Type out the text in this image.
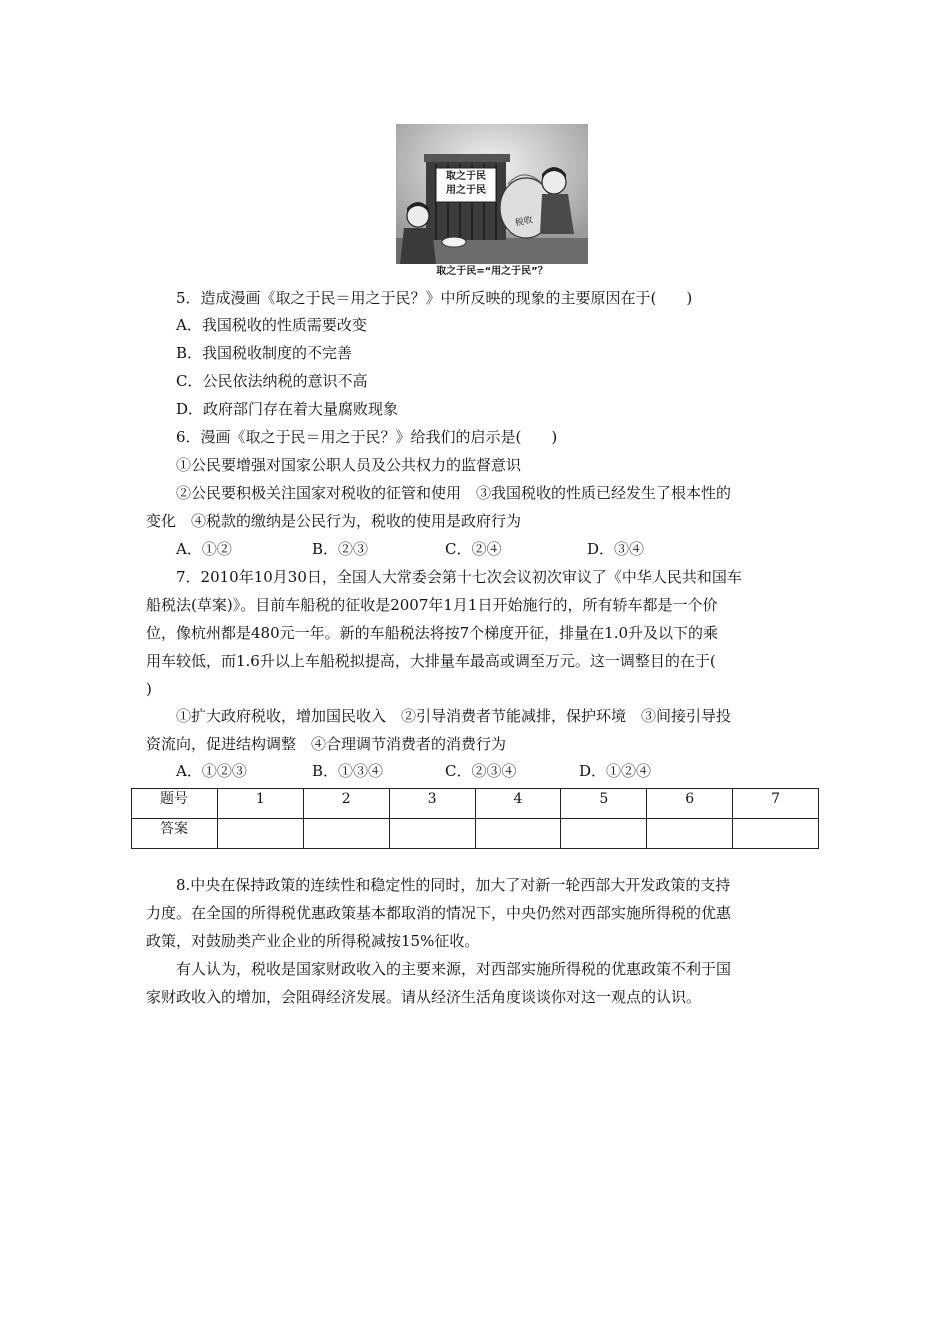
取之于民
用之于民
税收
取之于民=“用之于民”？
5．造成漫画《取之于民＝用之于民？》中所反映的现象的主要原因在于(　　)
A．我国税收的性质需要改变
B．我国税收制度的不完善
C．公民依法纳税的意识不高
D．政府部门存在着大量腐败现象
6．漫画《取之于民＝用之于民？》给我们的启示是(　　)
①公民要增强对国家公职人员及公共权力的监督意识
②公民要积极关注国家对税收的征管和使用　③我国税收的性质已经发生了根本性的
变化　④税款的缴纳是公民行为，税收的使用是政府行为
A．①②	B．②③	C．②④	D．③④
7．2010年10月30日，全国人大常委会第十七次会议初次审议了《中华人民共和国车
船税法(草案)》。目前车船税的征收是2007年1月1日开始施行的，所有轿车都是一个价
位，像杭州都是480元一年。新的车船税法将按7个梯度开征，排量在1.0升及以下的乘
用车较低，而1.6升以上车船税拟提高，大排量车最高或调至万元。这一调整目的在于(
)
①扩大政府税收，增加国民收入　②引导消费者节能减排，保护环境　③间接引导投
资流向，促进结构调整　④合理调节消费者的消费行为
A．①②③	B．①③④	C．②③④	D．①②④
题号	1	2	3	4	5	6	7
答案							
8.中央在保持政策的连续性和稳定性的同时，加大了对新一轮西部大开发政策的支持
力度。在全国的所得税优惠政策基本都取消的情况下，中央仍然对西部实施所得税的优惠
政策，对鼓励类产业企业的所得税减按15%征收。
有人认为，税收是国家财政收入的主要来源，对西部实施所得税的优惠政策不利于国
家财政收入的增加，会阻碍经济发展。请从经济生活角度谈谈你对这一观点的认识。
